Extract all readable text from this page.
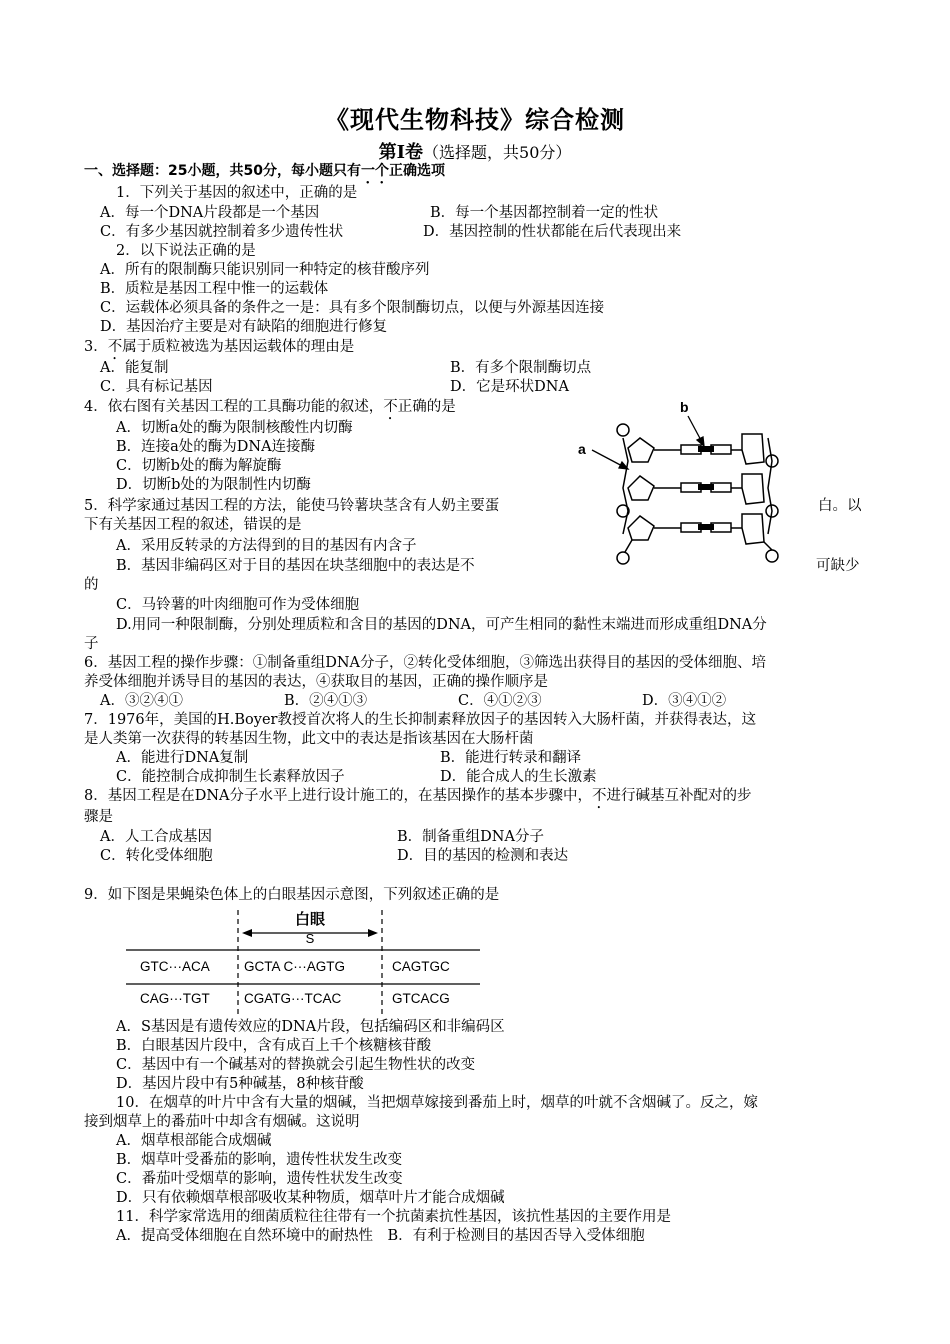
《现代生物科技》综合检测
第Ⅰ卷（选择题，共50分）
一、选择题：25小题，共50分，每小题只有一个正确选项
1．下列关于基因的叙述中，正确的是
A．每一个DNA片段都是一个基因	B．每一个基因都控制着一定的性状
C．有多少基因就控制着多少遗传性状	D．基因控制的性状都能在后代表现出来
2．以下说法正确的是
A．所有的限制酶只能识别同一种特定的核苷酸序列
B．质粒是基因工程中惟一的运载体
C．运载体必须具备的条件之一是：具有多个限制酶切点，以便与外源基因连接
D．基因治疗主要是对有缺陷的细胞进行修复
3．不属于质粒被选为基因运载体的理由是
A．能复制	B．有多个限制酶切点
C．具有标记基因	D．它是环状DNA
4．依右图有关基因工程的工具酶功能的叙述，不正确的是
A．切断a处的酶为限制核酸性内切酶
B．连接a处的酶为DNA连接酶
C．切断b处的酶为解旋酶
D．切断b处的为限制性内切酶
a
b
5．科学家通过基因工程的方法，能使马铃薯块茎含有人奶主要蛋	白。以
下有关基因工程的叙述，错误的是
A．采用反转录的方法得到的目的基因有内含子
B．基因非编码区对于目的基因在块茎细胞中的表达是不	可缺少
的
C．马铃薯的叶肉细胞可作为受体细胞
D.用同一种限制酶，分别处理质粒和含目的基因的DNA，可产生相同的黏性末端进而形成重组DNA分
子
6．基因工程的操作步骤：①制备重组DNA分子，②转化受体细胞，③筛选出获得目的基因的受体细胞、培
养受体细胞并诱导目的基因的表达，④获取目的基因，正确的操作顺序是
A．③②④①	B．②④①③	C．④①②③	D．③④①②
7．1976年，美国的H.Boyer教授首次将人的生长抑制素释放因子的基因转入大肠杆菌，并获得表达，这
是人类第一次获得的转基因生物，此文中的表达是指该基因在大肠杆菌
A．能进行DNA复制	B．能进行转录和翻译
C．能控制合成抑制生长素释放因子	D．能合成人的生长激素
8．基因工程是在DNA分子水平上进行设计施工的，在基因操作的基本步骤中，不进行碱基互补配对的步
骤是
A．人工合成基因	B．制备重组DNA分子
C．转化受体细胞	D．目的基因的检测和表达
9．如下图是果蝇染色体上的白眼基因示意图，下列叙述正确的是
白眼
S
GTC···ACA	GCTA C···AGTG	CAGTGC
CAG···TGT	CGATG···TCAC	GTCACG
A．S基因是有遗传效应的DNA片段，包括编码区和非编码区
B．白眼基因片段中，含有成百上千个核糖核苷酸
C．基因中有一个碱基对的替换就会引起生物性状的改变
D．基因片段中有5种碱基，8种核苷酸
10．在烟草的叶片中含有大量的烟碱，当把烟草嫁接到番茄上时，烟草的叶就不含烟碱了。反之，嫁
接到烟草上的番茄叶中却含有烟碱。这说明
A．烟草根部能合成烟碱
B．烟草叶受番茄的影响，遗传性状发生改变
C．番茄叶受烟草的影响，遗传性状发生改变
D．只有依赖烟草根部吸收某种物质，烟草叶片才能合成烟碱
11．科学家常选用的细菌质粒往往带有一个抗菌素抗性基因，该抗性基因的主要作用是
A．提高受体细胞在自然环境中的耐热性　B．有利于检测目的基因否导入受体细胞
